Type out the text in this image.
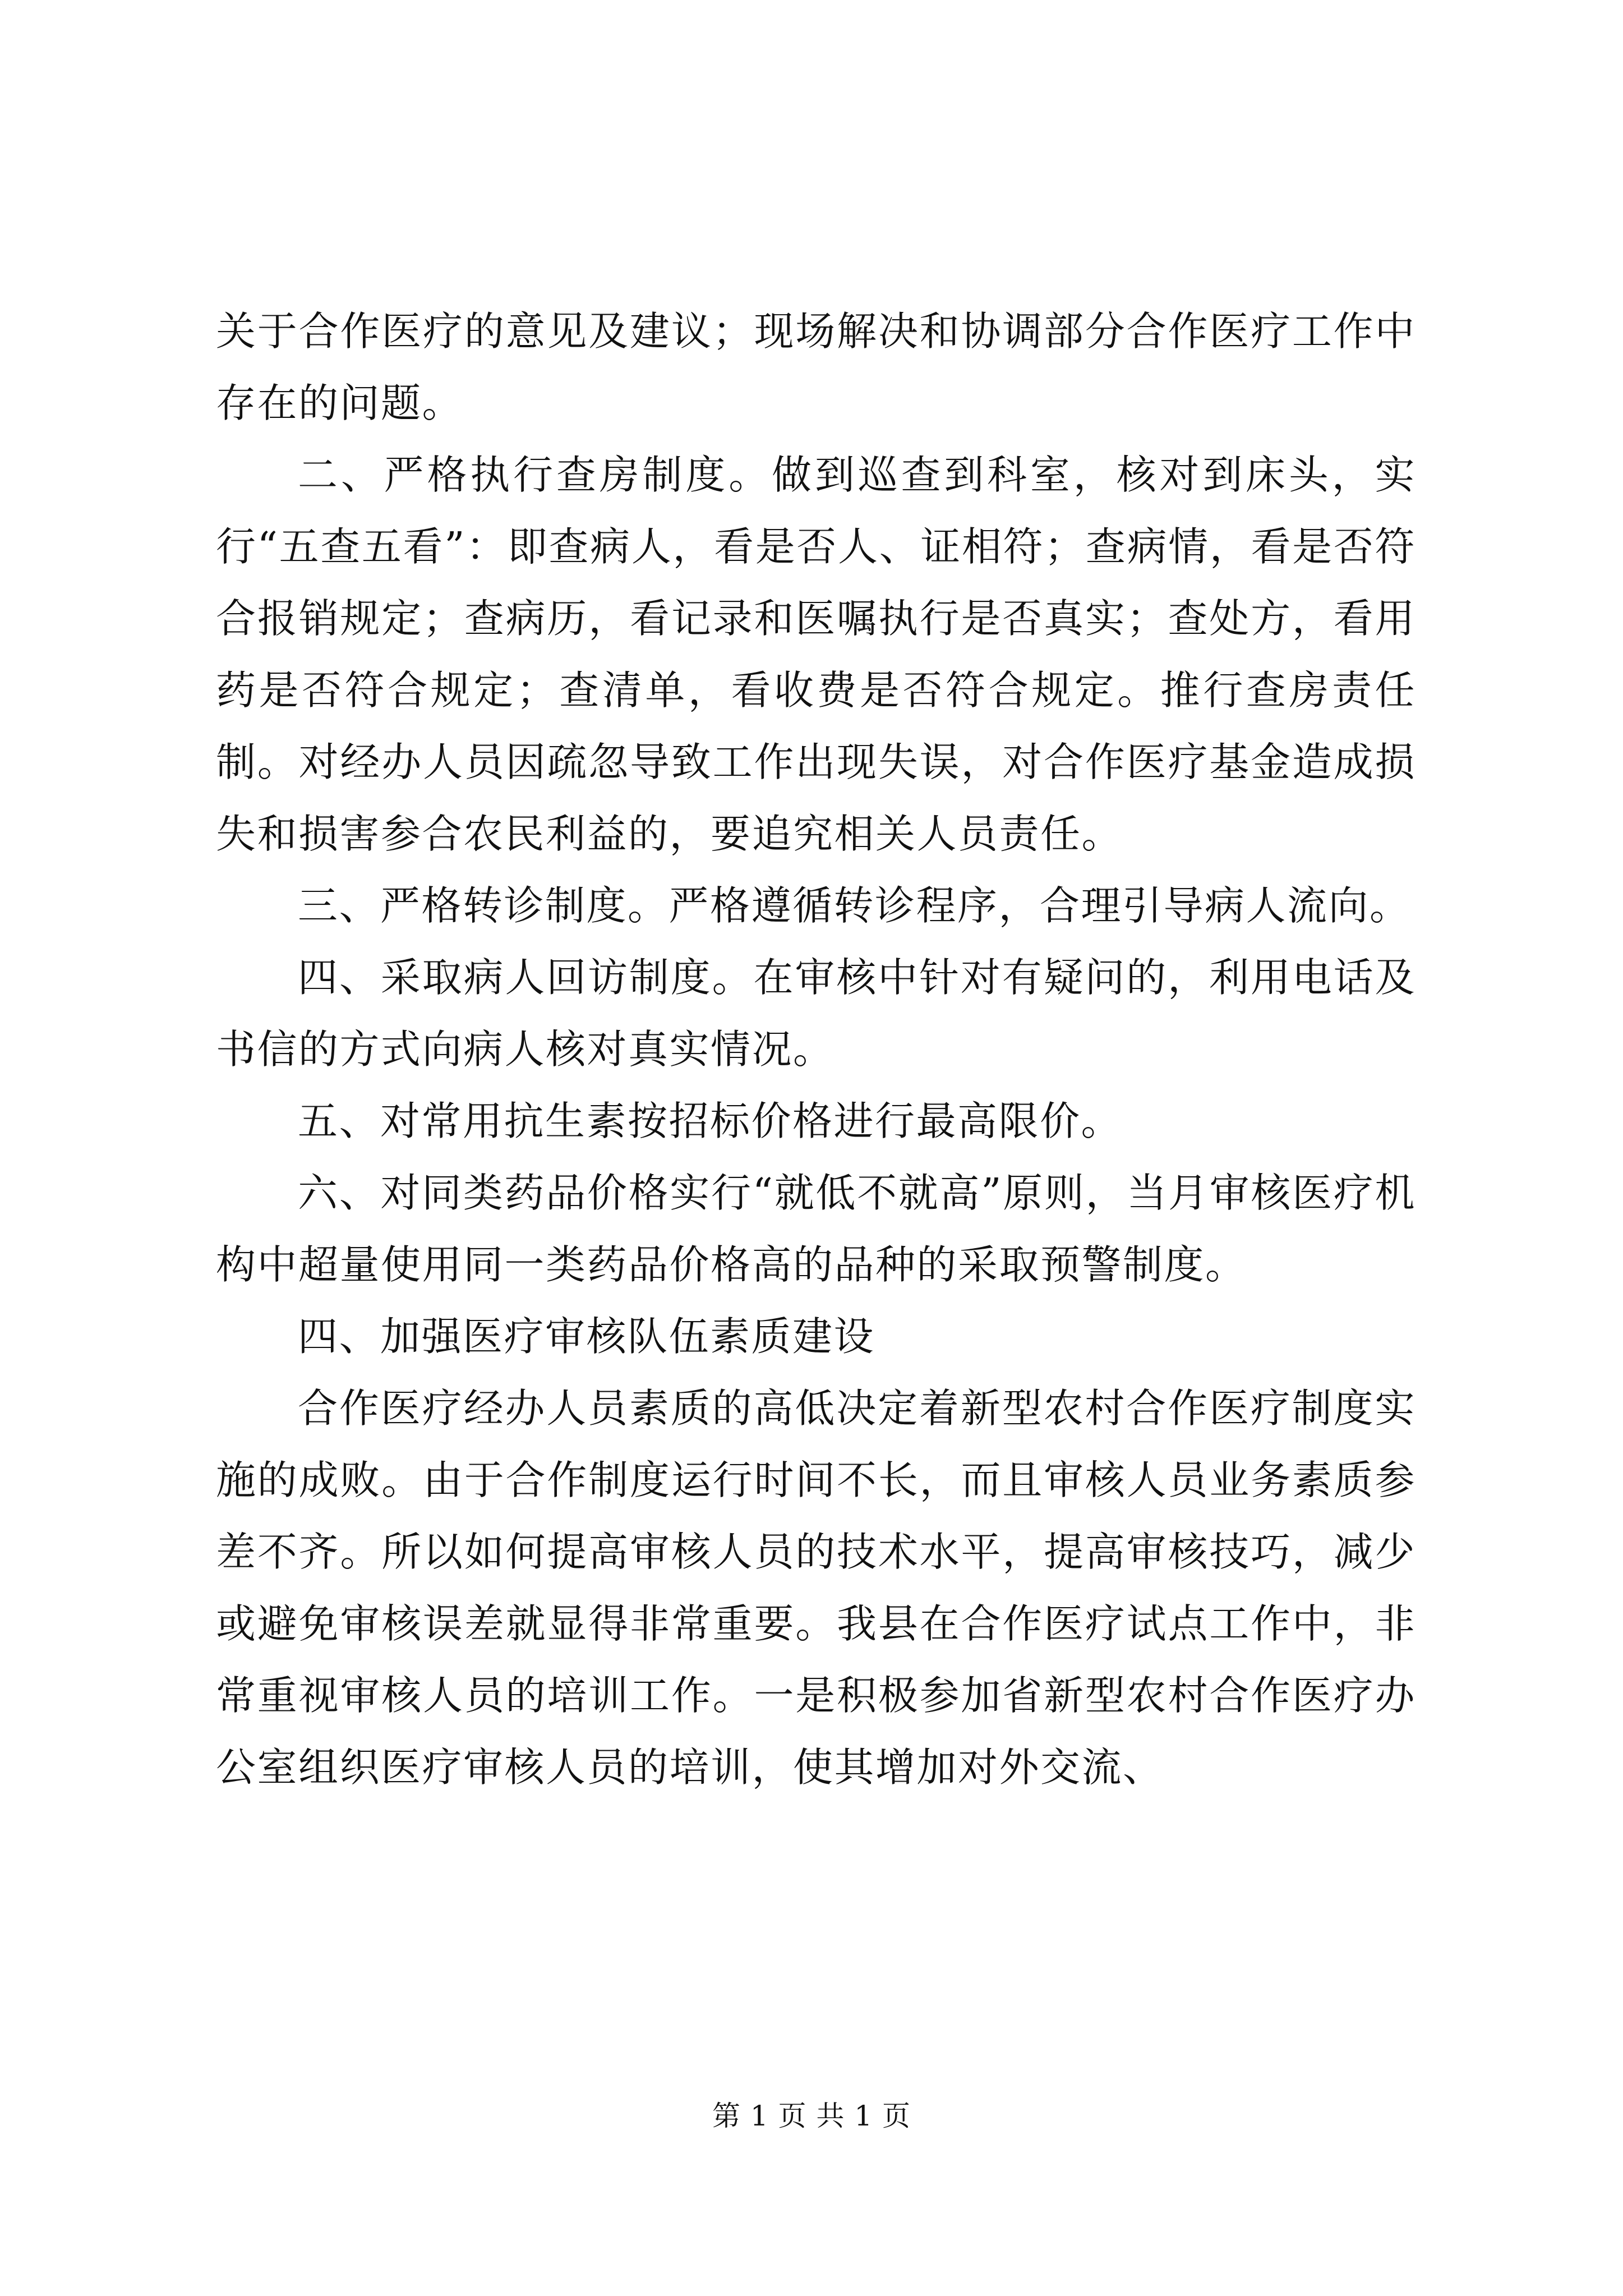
关于合作医疗的意见及建议；现场解决和协调部分合作医疗工作中存在的问题。

二、严格执行查房制度。做到巡查到科室，核对到床头，实行“五查五看”：即查病人，看是否人、证相符；查病情，看是否符合报销规定；查病历，看记录和医嘱执行是否真实；查处方，看用药是否符合规定；查清单，看收费是否符合规定。推行查房责任制。对经办人员因疏忽导致工作出现失误，对合作医疗基金造成损失和损害参合农民利益的，要追究相关人员责任。

三、严格转诊制度。严格遵循转诊程序，合理引导病人流向。

四、采取病人回访制度。在审核中针对有疑问的，利用电话及书信的方式向病人核对真实情况。

五、对常用抗生素按招标价格进行最高限价。

六、对同类药品价格实行“就低不就高”原则，当月审核医疗机构中超量使用同一类药品价格高的品种的采取预警制度。

四、加强医疗审核队伍素质建设

合作医疗经办人员素质的高低决定着新型农村合作医疗制度实施的成败。由于合作制度运行时间不长，而且审核人员业务素质参差不齐。所以如何提高审核人员的技术水平，提高审核技巧，减少或避免审核误差就显得非常重要。我县在合作医疗试点工作中，非常重视审核人员的培训工作。一是积极参加省新型农村合作医疗办公室组织医疗审核人员的培训，使其增加对外交流、

第 1 页 共 1 页
